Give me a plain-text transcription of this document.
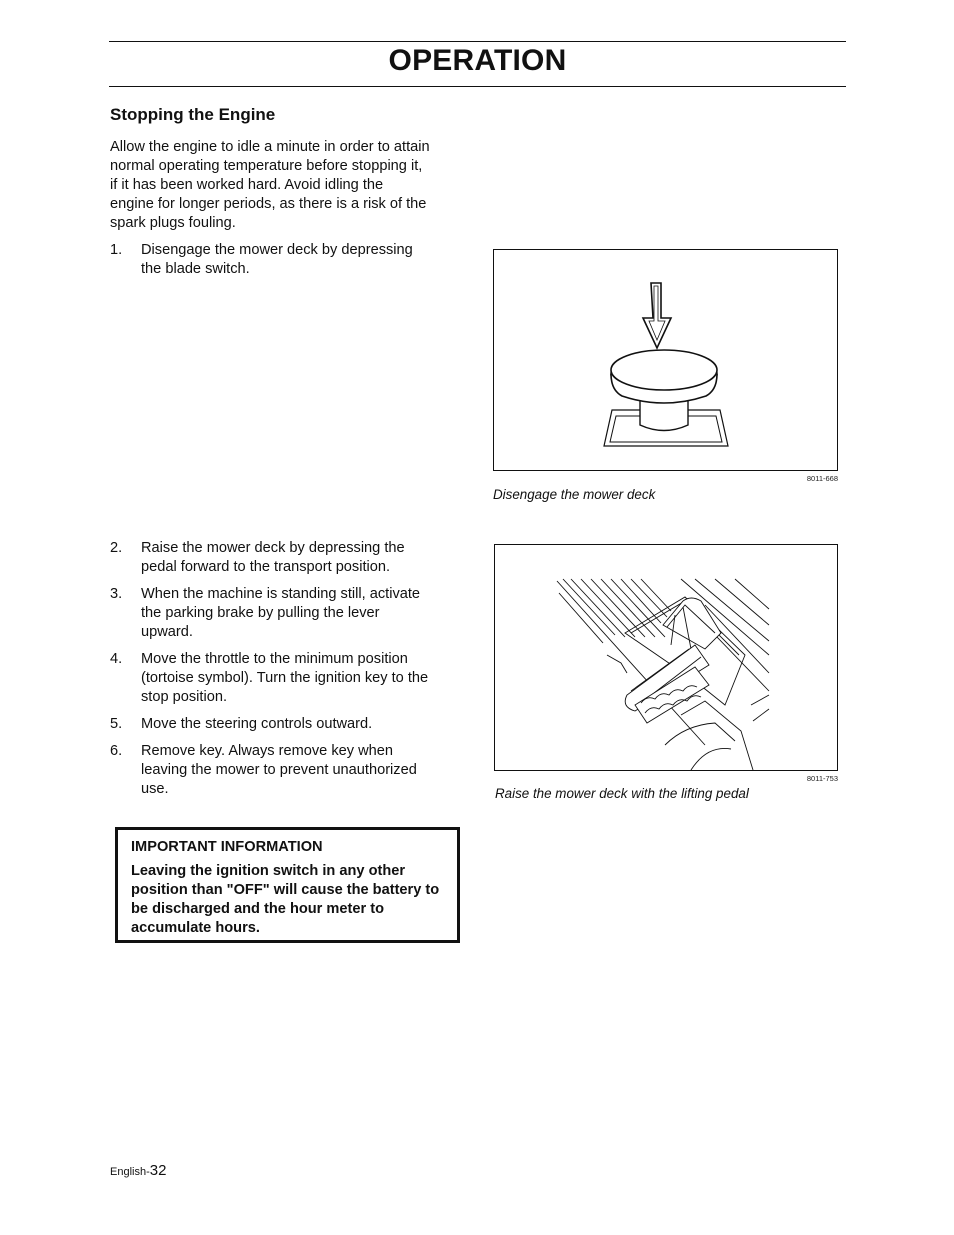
OPERATION
Stopping the Engine
Allow the engine to idle a minute in order to attain normal operating temperature before stopping it, if it has been worked hard. Avoid idling the engine for longer periods, as there is a risk of the spark plugs fouling.
1.	Disengage the mower deck by depressing the blade switch.
2.	Raise the mower deck by depressing the pedal forward to the transport position.
3.	When the machine is standing still, activate the parking brake by pulling the lever upward.
4.	Move the throttle to the minimum position (tortoise symbol). Turn the ignition key to the stop position.
5.	Move the steering controls outward.
6.	Remove key. Always remove key when leaving the mower to prevent unauthorized use.
8011-668
Disengage the mower deck
8011-753
Raise the mower deck with the lifting pedal
IMPORTANT INFORMATION
Leaving the ignition switch in any other position than "OFF" will cause the battery to be discharged and the hour meter to accumulate hours.
English-32
